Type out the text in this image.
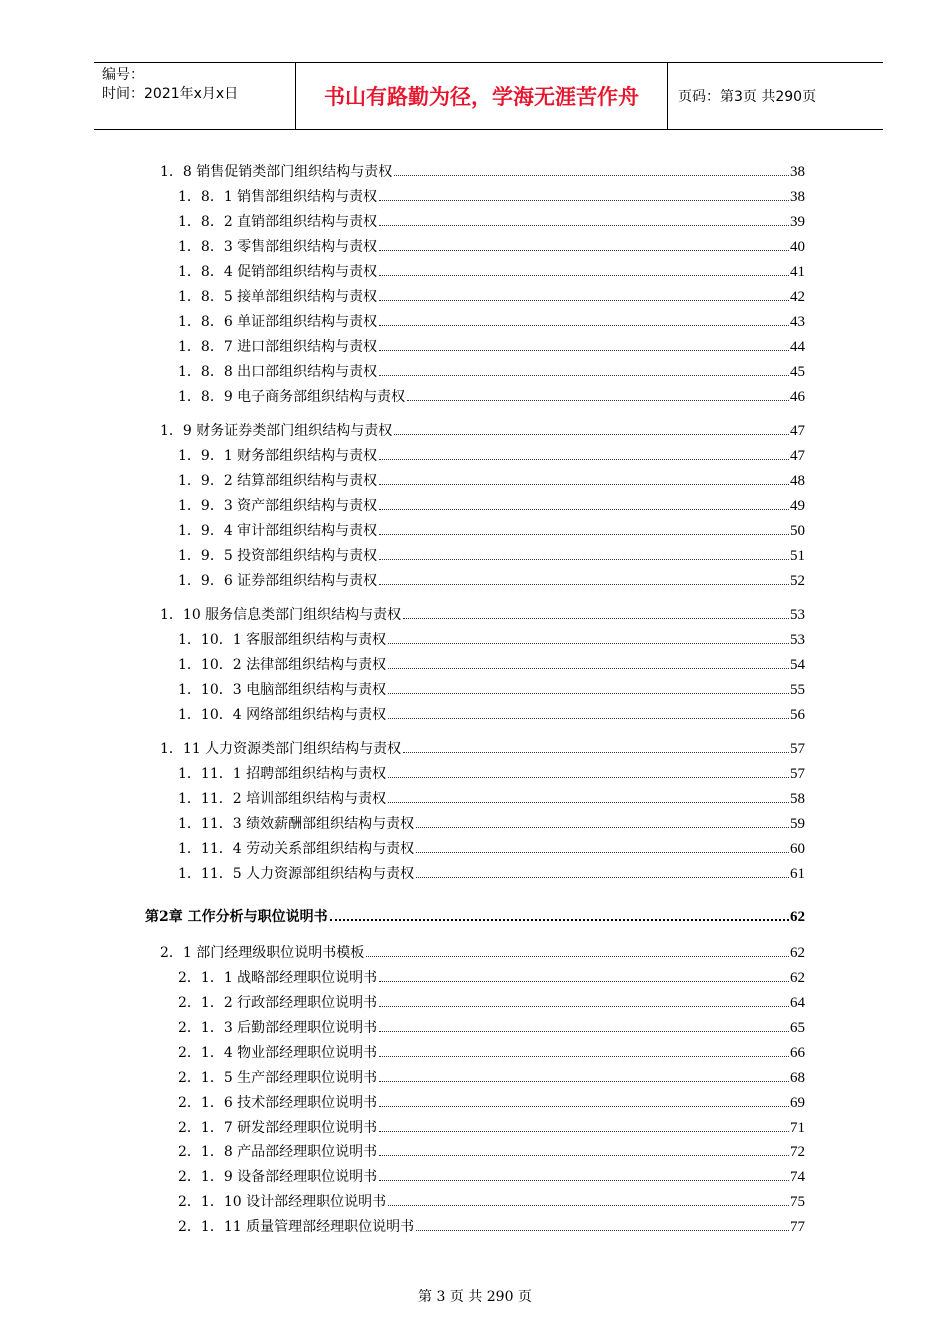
编号：
时间：2021年x月x日	书山有路勤为径，学海无涯苦作舟	页码：第3页 共290页
1．8 销售促销类部门组织结构与责权	38
1．8．1 销售部组织结构与责权	38
1．8．2 直销部组织结构与责权	39
1．8．3 零售部组织结构与责权	40
1．8．4 促销部组织结构与责权	41
1．8．5 接单部组织结构与责权	42
1．8．6 单证部组织结构与责权	43
1．8．7 进口部组织结构与责权	44
1．8．8 出口部组织结构与责权	45
1．8．9 电子商务部组织结构与责权	46
1．9 财务证券类部门组织结构与责权	47
1．9．1 财务部组织结构与责权	47
1．9．2 结算部组织结构与责权	48
1．9．3 资产部组织结构与责权	49
1．9．4 审计部组织结构与责权	50
1．9．5 投资部组织结构与责权	51
1．9．6 证券部组织结构与责权	52
1．10 服务信息类部门组织结构与责权	53
1．10．1 客服部组织结构与责权	53
1．10．2 法律部组织结构与责权	54
1．10．3 电脑部组织结构与责权	55
1．10．4 网络部组织结构与责权	56
1．11 人力资源类部门组织结构与责权	57
1．11．1 招聘部组织结构与责权	57
1．11．2 培训部组织结构与责权	58
1．11．3 绩效薪酬部组织结构与责权	59
1．11．4 劳动关系部组织结构与责权	60
1．11．5 人力资源部组织结构与责权	61
第2章 工作分析与职位说明书	62
2．1 部门经理级职位说明书模板	62
2．1．1 战略部经理职位说明书	62
2．1．2 行政部经理职位说明书	64
2．1．3 后勤部经理职位说明书	65
2．1．4 物业部经理职位说明书	66
2．1．5 生产部经理职位说明书	68
2．1．6 技术部经理职位说明书	69
2．1．7 研发部经理职位说明书	71
2．1．8 产品部经理职位说明书	72
2．1．9 设备部经理职位说明书	74
2．1．10 设计部经理职位说明书	75
2．1．11 质量管理部经理职位说明书	77
第 3 页 共 290 页
